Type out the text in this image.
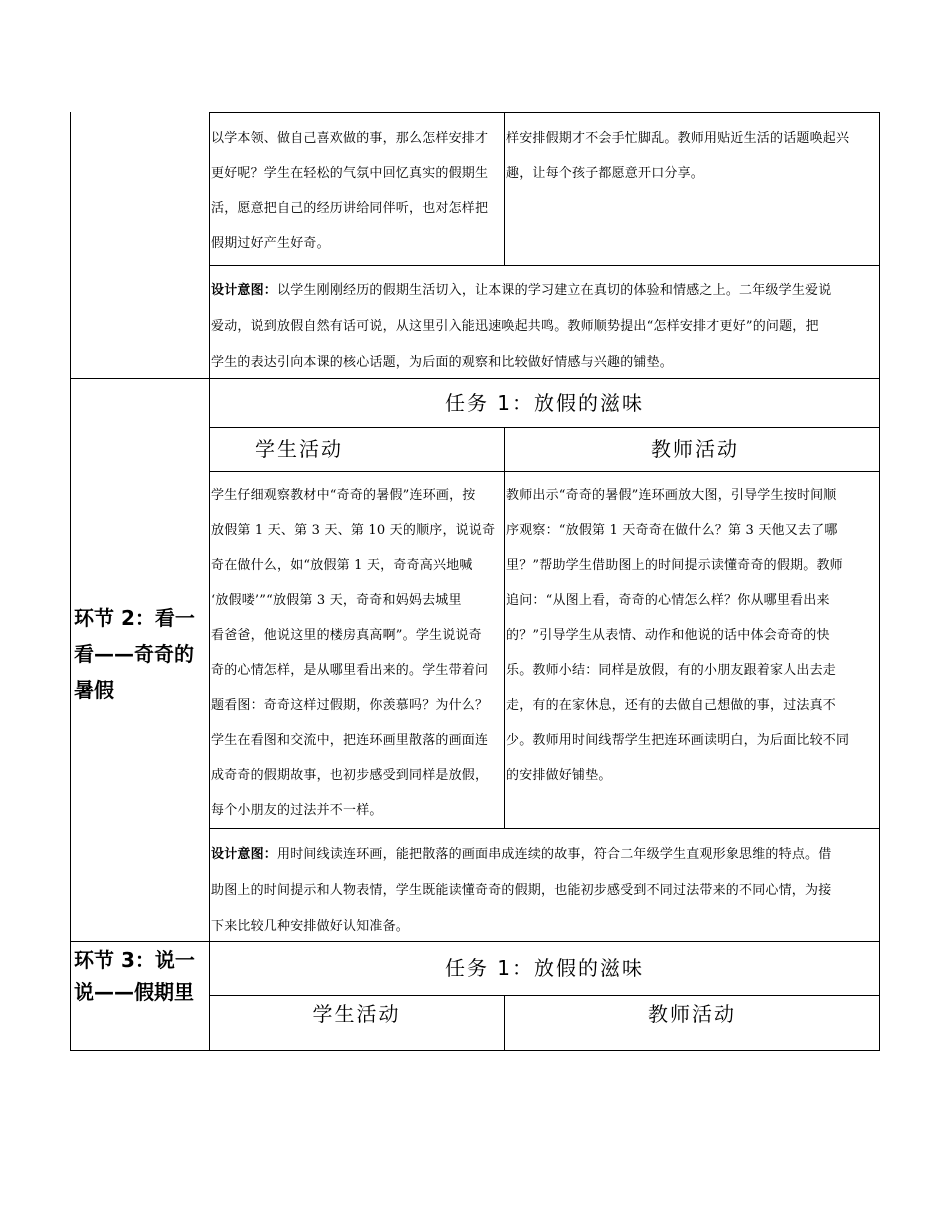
以学本领、做自己喜欢做的事，那么怎样安排才

更好呢？学生在轻松的气氛中回忆真实的假期生

活，愿意把自己的经历讲给同伴听，也对怎样把

假期过好产生好奇。

样安排假期才不会手忙脚乱。教师用贴近生活的话题唤起兴

趣，让每个孩子都愿意开口分享。

设计意图：以学生刚刚经历的假期生活切入，让本课的学习建立在真切的体验和情感之上。二年级学生爱说

爱动，说到放假自然有话可说，从这里引入能迅速唤起共鸣。教师顺势提出“怎样安排才更好”的问题，把

学生的表达引向本课的核心话题，为后面的观察和比较做好情感与兴趣的铺垫。

环节 2：看一

看——奇奇的

暑假

任务 1：放假的滋味
学生活动	教师活动

学生仔细观察教材中“奇奇的暑假”连环画，按

放假第 1 天、第 3 天、第 10 天的顺序，说说奇

奇在做什么，如“放假第 1 天，奇奇高兴地喊

‘放假喽’”“放假第 3 天，奇奇和妈妈去城里

看爸爸，他说这里的楼房真高啊”。学生说说奇

奇的心情怎样，是从哪里看出来的。学生带着问

题看图：奇奇这样过假期，你羡慕吗？为什么？

学生在看图和交流中，把连环画里散落的画面连

成奇奇的假期故事，也初步感受到同样是放假，

每个小朋友的过法并不一样。

教师出示“奇奇的暑假”连环画放大图，引导学生按时间顺

序观察：“放假第 1 天奇奇在做什么？第 3 天他又去了哪

里？”帮助学生借助图上的时间提示读懂奇奇的假期。教师

追问：“从图上看，奇奇的心情怎么样？你从哪里看出来

的？”引导学生从表情、动作和他说的话中体会奇奇的快

乐。教师小结：同样是放假，有的小朋友跟着家人出去走

走，有的在家休息，还有的去做自己想做的事，过法真不

少。教师用时间线帮学生把连环画读明白，为后面比较不同

的安排做好铺垫。

设计意图：用时间线读连环画，能把散落的画面串成连续的故事，符合二年级学生直观形象思维的特点。借

助图上的时间提示和人物表情，学生既能读懂奇奇的假期，也能初步感受到不同过法带来的不同心情，为接

下来比较几种安排做好认知准备。

环节 3：说一

说——假期里

任务 1：放假的滋味
学生活动	教师活动
